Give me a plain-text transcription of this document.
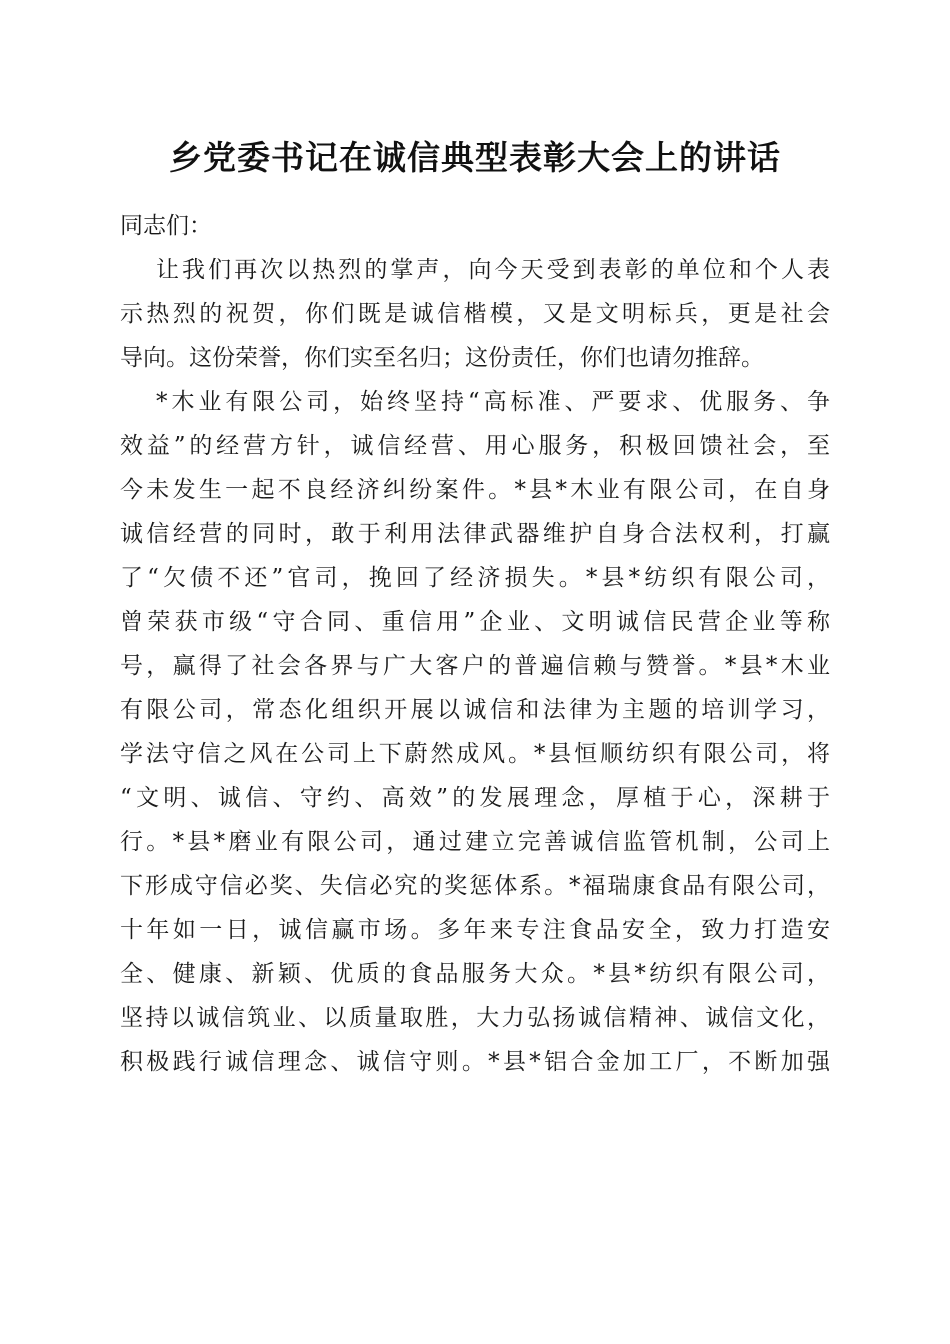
乡党委书记在诚信典型表彰大会上的讲话
同志们：
让我们再次以热烈的掌声，向今天受到表彰的单位和个人表
示热烈的祝贺，你们既是诚信楷模，又是文明标兵，更是社会
导向。这份荣誉，你们实至名归；这份责任，你们也请勿推辞。
*木业有限公司，始终坚持“高标准、严要求、优服务、争
效益”的经营方针，诚信经营、用心服务，积极回馈社会，至
今未发生一起不良经济纠纷案件。*县*木业有限公司，在自身
诚信经营的同时，敢于利用法律武器维护自身合法权利，打赢
了“欠债不还”官司，挽回了经济损失。*县*纺织有限公司，
曾荣获市级“守合同、重信用”企业、文明诚信民营企业等称
号，赢得了社会各界与广大客户的普遍信赖与赞誉。*县*木业
有限公司，常态化组织开展以诚信和法律为主题的培训学习，
学法守信之风在公司上下蔚然成风。*县恒顺纺织有限公司，将
“文明、诚信、守约、高效”的发展理念，厚植于心，深耕于
行。*县*磨业有限公司，通过建立完善诚信监管机制，公司上
下形成守信必奖、失信必究的奖惩体系。*福瑞康食品有限公司，
十年如一日，诚信赢市场。多年来专注食品安全，致力打造安
全、健康、新颖、优质的食品服务大众。*县*纺织有限公司，
坚持以诚信筑业、以质量取胜，大力弘扬诚信精神、诚信文化，
积极践行诚信理念、诚信守则。*县*铝合金加工厂，不断加强
